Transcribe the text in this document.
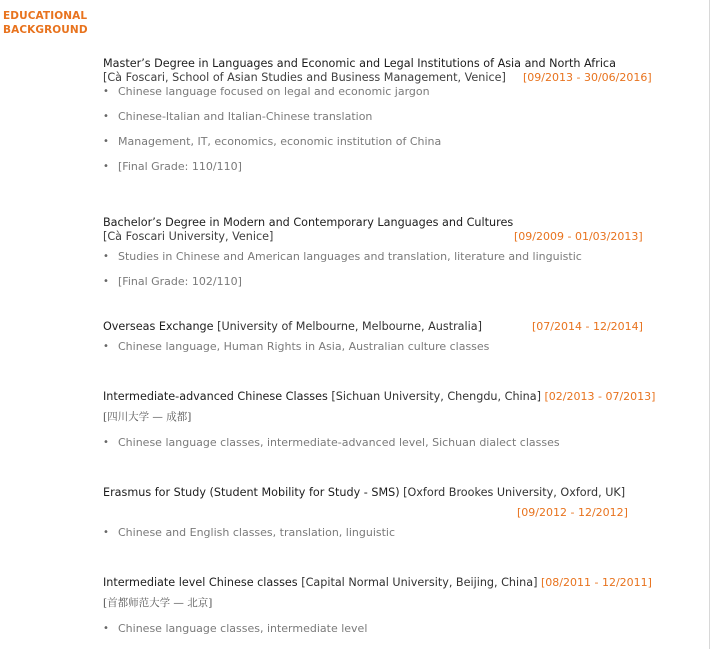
EDUCATIONAL
BACKGROUND
Master’s Degree in Languages and Economic and Legal Institutions of Asia and North Africa
[Cà Foscari, School of Asian Studies and Business Management, Venice] [09/2013 - 30/06/2016]
• Chinese language focused on legal and economic jargon
• Chinese-Italian and Italian-Chinese translation
• Management, IT, economics, economic institution of China
• [Final Grade: 110/110]
Bachelor’s Degree in Modern and Contemporary Languages and Cultures
[Cà Foscari University, Venice]	[09/2009 - 01/03/2013]
• Studies in Chinese and American languages and translation, literature and linguistic
• [Final Grade: 102/110]
Overseas Exchange [University of Melbourne, Melbourne, Australia]	[07/2014 - 12/2014]
• Chinese language, Human Rights in Asia, Australian culture classes
Intermediate-advanced Chinese Classes [Sichuan University, Chengdu, China] [02/2013 - 07/2013]
[四川大学 — 成都]
• Chinese language classes, intermediate-advanced level, Sichuan dialect classes
Erasmus for Study (Student Mobility for Study - SMS) [Oxford Brookes University, Oxford, UK]
[09/2012 - 12/2012]
• Chinese and English classes, translation, linguistic
Intermediate level Chinese classes [Capital Normal University, Beijing, China] [08/2011 - 12/2011]
[首都师范大学 — 北京]
• Chinese language classes, intermediate level
